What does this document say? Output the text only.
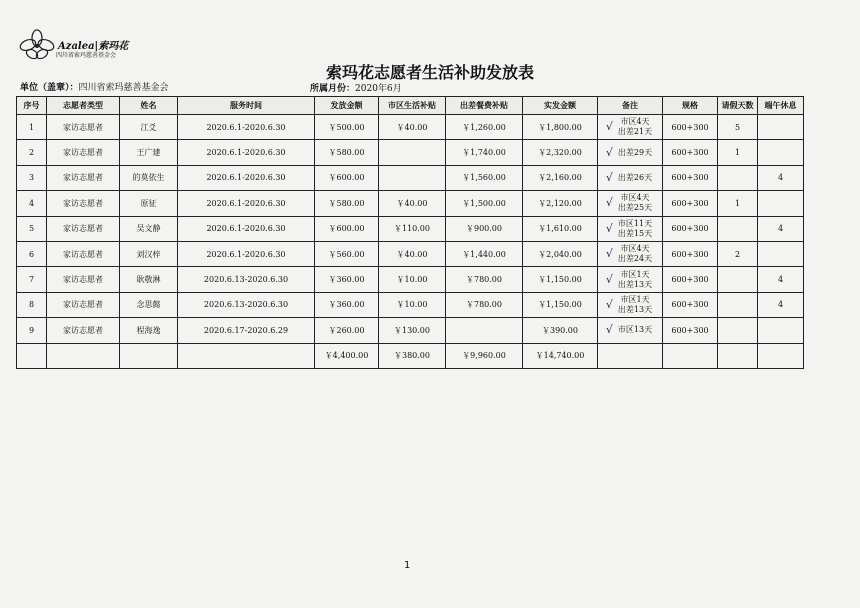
Azalea|索玛花
四川省索玛慈善基金会
索玛花志愿者生活补助发放表
单位（盖章）：四川省索玛慈善基金会	所属月份：2020年6月
序号	志愿者类型	姓名	服务时间	发放金额	市区生活补贴	出差餐费补贴	实发金额	备注	规格	请假天数	端午休息
1	家访志愿者	江爻	2020.6.1-2020.6.30	￥500.00	￥40.00	￥1,260.00	￥1,800.00	√ 市区4天
出差21天	600+300	5	
2	家访志愿者	王广建	2020.6.1-2020.6.30	￥580.00		￥1,740.00	￥2,320.00	√ 出差29天	600+300	1	
3	家访志愿者	的莫依生	2020.6.1-2020.6.30	￥600.00		￥1,560.00	￥2,160.00	√ 出差26天	600+300		4
4	家访志愿者	原征	2020.6.1-2020.6.30	￥580.00	￥40.00	￥1,500.00	￥2,120.00	√ 市区4天
出差25天	600+300	1	
5	家访志愿者	吴文静	2020.6.1-2020.6.30	￥600.00	￥110.00	￥900.00	￥1,610.00	√ 市区11天
出差15天	600+300		4
6	家访志愿者	刘汉梓	2020.6.1-2020.6.30	￥560.00	￥40.00	￥1,440.00	￥2,040.00	√ 市区4天
出差24天	600+300	2	
7	家访志愿者	耿敬淋	2020.6.13-2020.6.30	￥360.00	￥10.00	￥780.00	￥1,150.00	√ 市区1天
出差13天	600+300		4
8	家访志愿者	念思懿	2020.6.13-2020.6.30	￥360.00	￥10.00	￥780.00	￥1,150.00	√ 市区1天
出差13天	600+300		4
9	家访志愿者	程海逸	2020.6.17-2020.6.29	￥260.00	￥130.00		￥390.00	√ 市区13天	600+300		
				￥4,400.00	￥380.00	￥9,960.00	￥14,740.00				
1
